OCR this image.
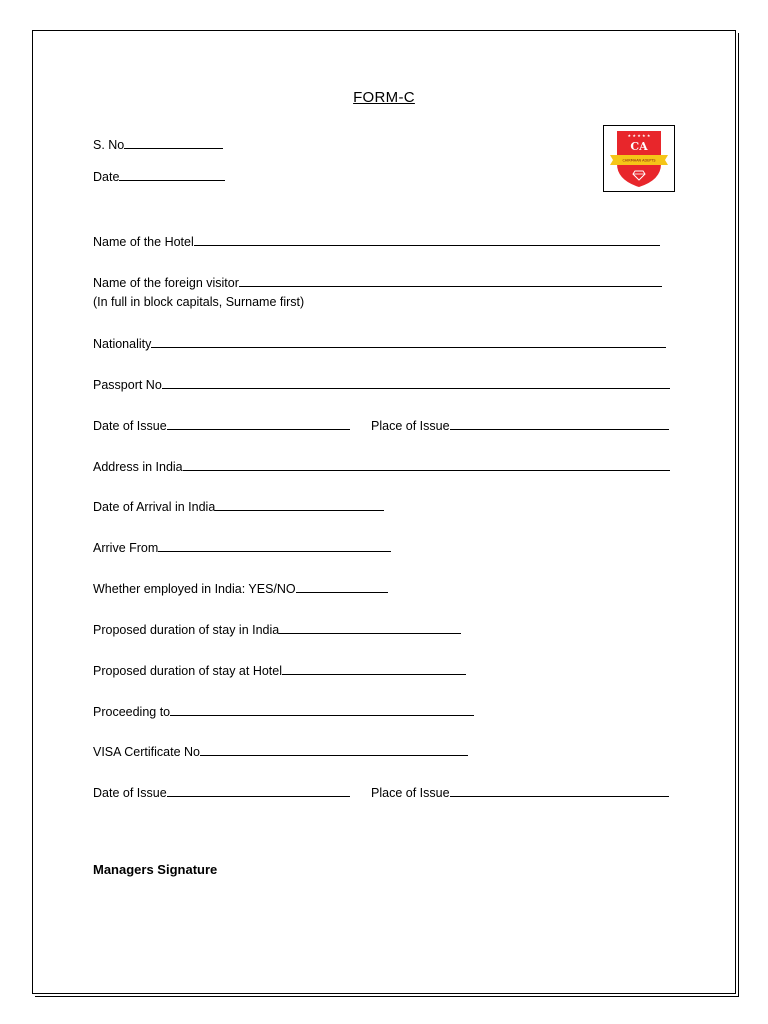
FORM-C
★ ★ ★ ★ ★
CA
CHIRMHAN ADEPTS
S. No
Date
Name of the Hotel
Name of the foreign visitor
(In full in block capitals, Surname first)
Nationality
Passport No
Date of Issue	Place of Issue
Address in India
Date of Arrival in India
Arrive From
Whether employed in India: YES/NO
Proposed duration of stay in India
Proposed duration of stay at Hotel
Proceeding to
VISA Certificate No
Date of Issue	Place of Issue
Managers Signature
